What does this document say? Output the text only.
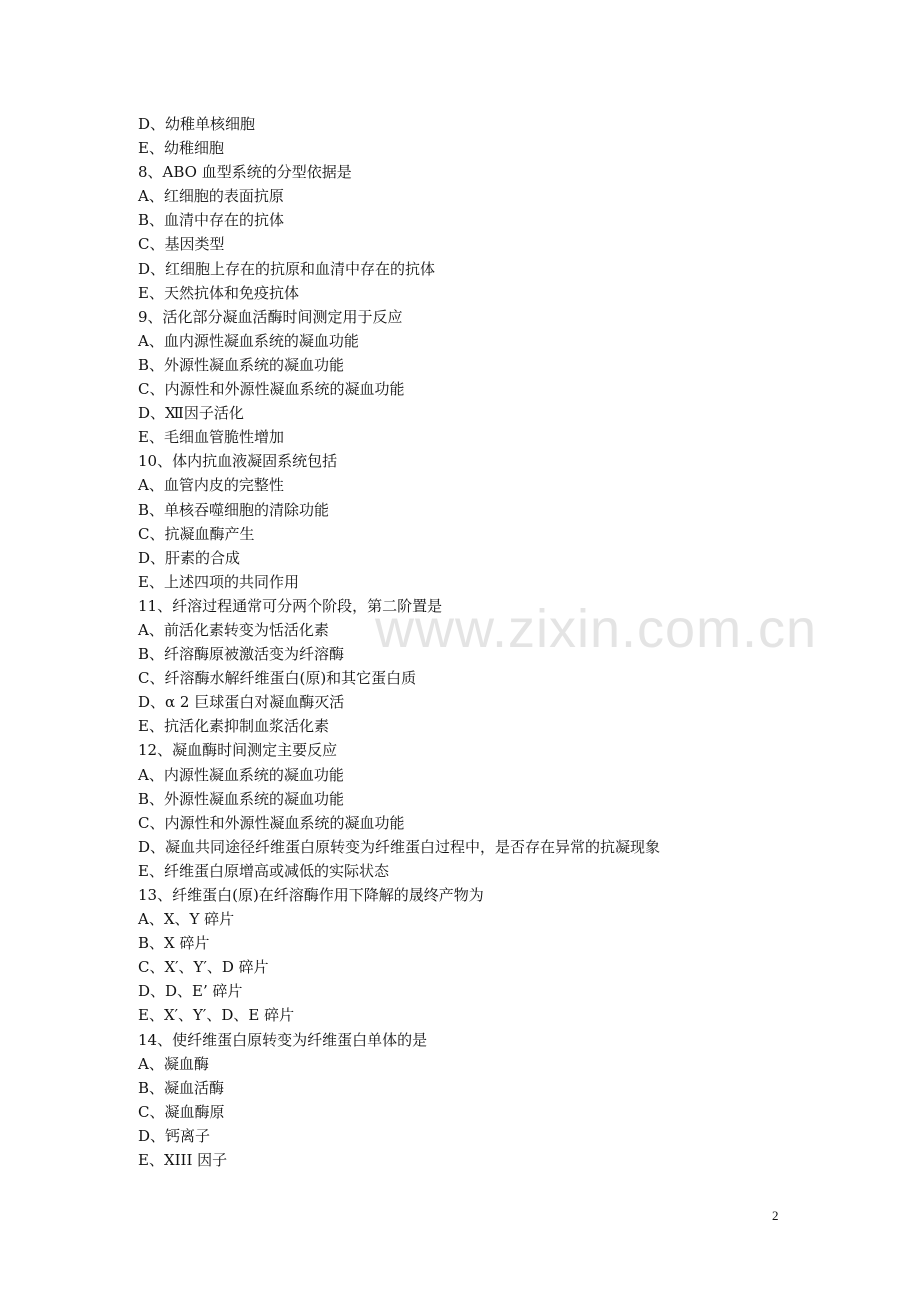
D、幼稚单核细胞
E、幼稚细胞
8、ABO 血型系统的分型依据是
A、红细胞的表面抗原
B、血清中存在的抗体
C、基因类型
D、红细胞上存在的抗原和血清中存在的抗体
E、天然抗体和免疫抗体
9、活化部分凝血活酶时间测定用于反应
A、血内源性凝血系统的凝血功能
B、外源性凝血系统的凝血功能
C、内源性和外源性凝血系统的凝血功能
D、Ⅻ因子活化
E、毛细血管脆性增加
10、体内抗血液凝固系统包括
A、血管内皮的完整性
B、单核吞噬细胞的清除功能
C、抗凝血酶产生
D、肝素的合成
E、上述四项的共同作用
11、纤溶过程通常可分两个阶段，第二阶置是
A、前活化素转变为恬活化素
B、纤溶酶原被激活变为纤溶酶
C、纤溶酶水解纤维蛋白(原)和其它蛋白质
D、α 2 巨球蛋白对凝血酶灭活
E、抗活化素抑制血浆活化素
12、凝血酶时间测定主要反应
A、内源性凝血系统的凝血功能
B、外源性凝血系统的凝血功能
C、内源性和外源性凝血系统的凝血功能
D、凝血共同途径纤维蛋白原转变为纤维蛋白过程中，是否存在异常的抗凝现象
E、纤维蛋白原增高或减低的实际状态
13、纤维蛋白(原)在纤溶酶作用下降解的晟终产物为
A、X、Y 碎片
B、X 碎片
C、X′、Y′、D 碎片
D、D、E’ 碎片
E、X′、Y′、D、E 碎片
14、使纤维蛋白原转变为纤维蛋白单体的是
A、凝血酶
B、凝血活酶
C、凝血酶原
D、钙离子
E、XIII 因子
www.zixin.com.cn
2
